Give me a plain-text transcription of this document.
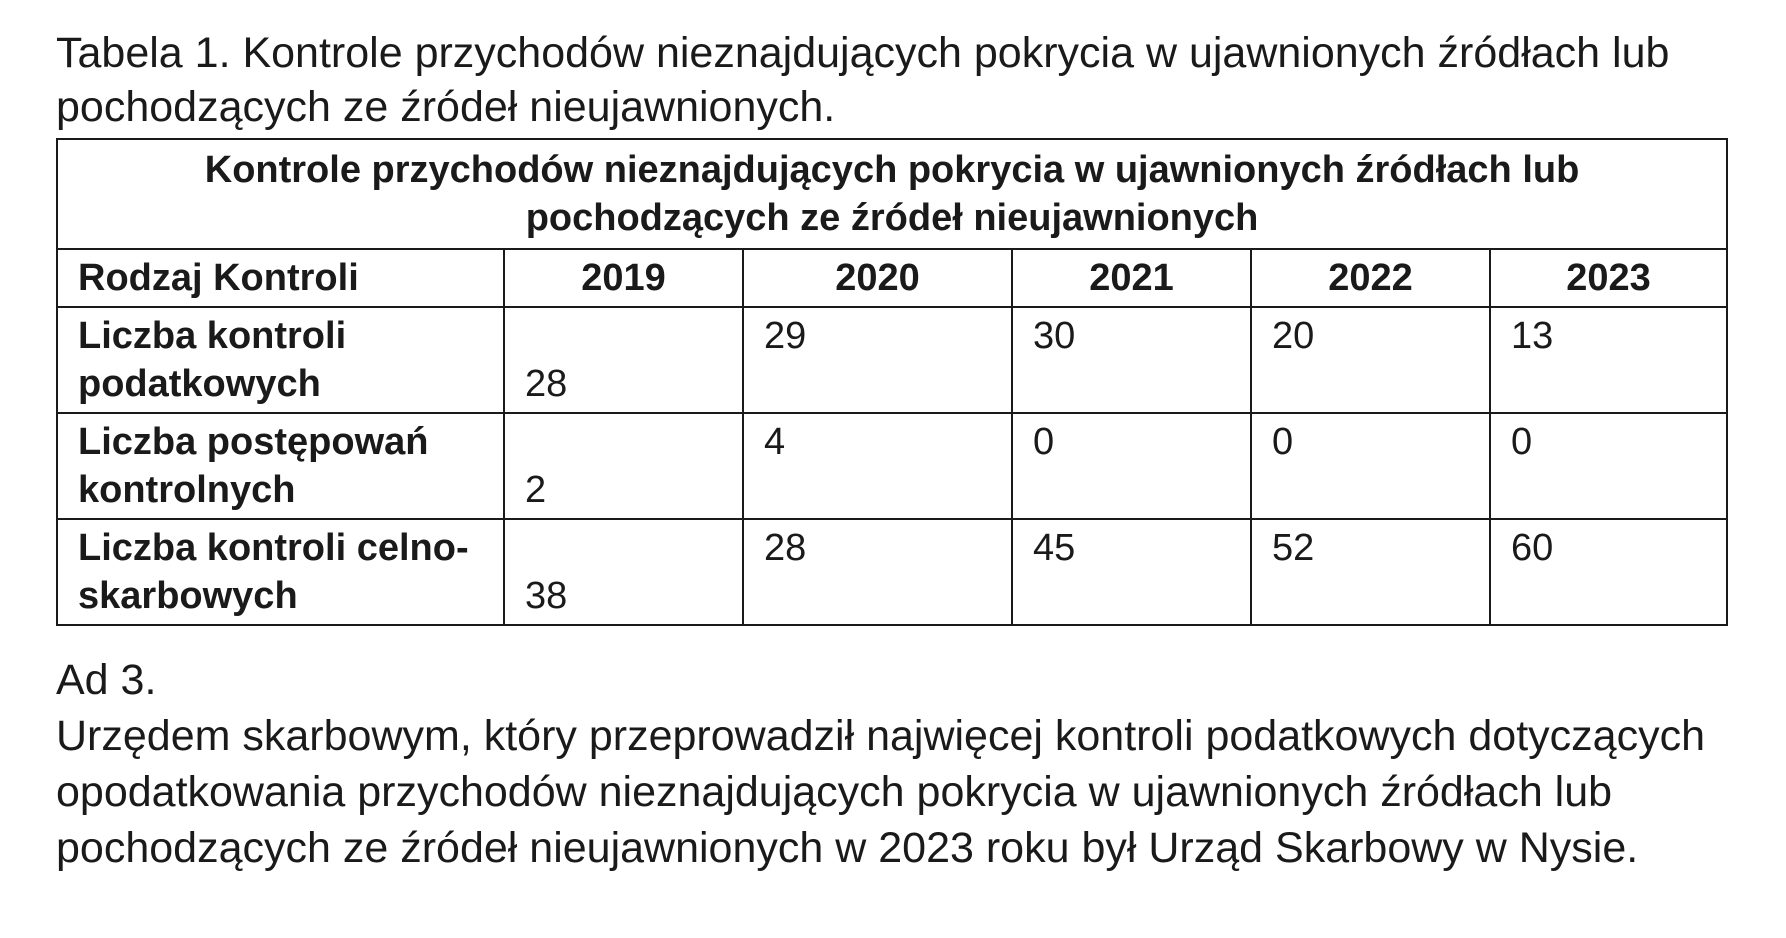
Tabela 1. Kontrole przychodów nieznajdujących pokrycia w ujawnionych źródłach lub pochodzących ze źródeł nieujawnionych.

Kontrole przychodów nieznajdujących pokrycia w ujawnionych źródłach lub pochodzących ze źródeł nieujawnionych					
Rodzaj Kontroli	2019	2020	2021	2022	2023
Liczba kontroli podatkowych	28	29	30	20	13
Liczba postępowań kontrolnych	2	4	0	0	0
Liczba kontroli celno-skarbowych	38	28	45	52	60

Ad 3.

Urzędem skarbowym, który przeprowadził najwięcej kontroli podatkowych dotyczących opodatkowania przychodów nieznajdujących pokrycia w ujawnionych źródłach lub pochodzących ze źródeł nieujawnionych w 2023 roku był Urząd Skarbowy w Nysie.
